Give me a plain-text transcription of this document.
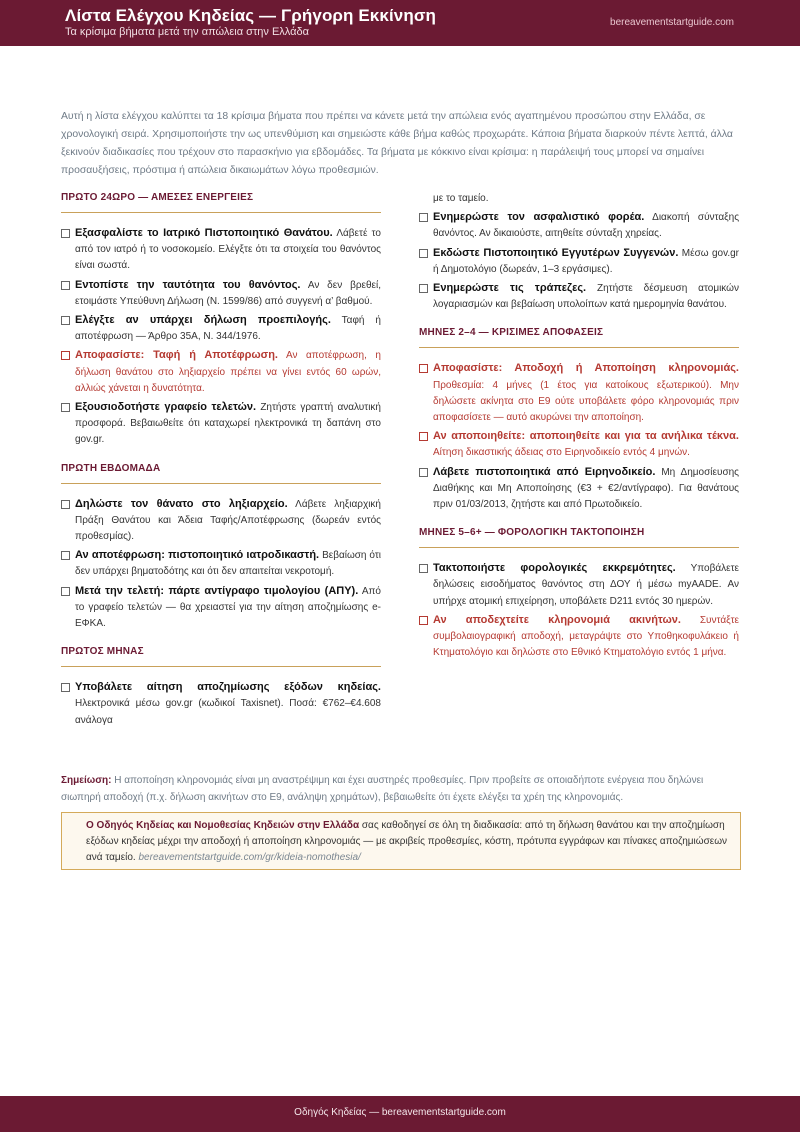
Λίστα Ελέγχου Κηδείας — Γρήγορη Εκκίνηση
Τα κρίσιμα βήματα μετά την απώλεια στην Ελλάδα
bereavementstartguide.com
Αυτή η λίστα ελέγχου καλύπτει τα 18 κρίσιμα βήματα που πρέπει να κάνετε μετά την απώλεια ενός αγαπημένου προσώπου στην Ελλάδα, σε χρονολογική σειρά. Χρησιμοποιήστε την ως υπενθύμιση και σημειώστε κάθε βήμα καθώς προχωράτε. Κάποια βήματα διαρκούν πέντε λεπτά, άλλα ξεκινούν διαδικασίες που τρέχουν στο παρασκήνιο για εβδομάδες. Τα βήματα με κόκκινο είναι κρίσιμα: η παράλειψή τους μπορεί να σημαίνει προσαυξήσεις, πρόστιμα ή απώλεια δικαιωμάτων λόγω προθεσμιών.
ΠΡΩΤΟ 24ΩΡΟ — ΑΜΕΣΕΣ ΕΝΕΡΓΕΙΕΣ
Εξασφαλίστε το Ιατρικό Πιστοποιητικό Θανάτου. Λάβετέ το από τον ιατρό ή το νοσοκομείο. Ελέγξτε ότι τα στοιχεία του θανόντος είναι σωστά.
Εντοπίστε την ταυτότητα του θανόντος. Αν δεν βρεθεί, ετοιμάστε Υπεύθυνη Δήλωση (Ν. 1599/86) από συγγενή α’ βαθμού.
Ελέγξτε αν υπάρχει δήλωση προεπιλογής. Ταφή ή αποτέφρωση — Άρθρο 35Α, Ν. 344/1976.
Αποφασίστε: Ταφή ή Αποτέφρωση. Αν αποτέφρωση, η δήλωση θανάτου στο ληξιαρχείο πρέπει να γίνει εντός 60 ωρών, αλλιώς χάνεται η δυνατότητα.
Εξουσιοδοτήστε γραφείο τελετών. Ζητήστε γραπτή αναλυτική προσφορά. Βεβαιωθείτε ότι καταχωρεί ηλεκτρονικά τη δαπάνη στο gov.gr.
ΠΡΩΤΗ ΕΒΔΟΜΑΔΑ
Δηλώστε τον θάνατο στο ληξιαρχείο. Λάβετε ληξιαρχική Πράξη Θανάτου και Άδεια Ταφής/Αποτέφρωσης (δωρεάν εντός προθεσμίας).
Αν αποτέφρωση: πιστοποιητικό ιατροδικαστή. Βεβαίωση ότι δεν υπάρχει βηματοδότης και ότι δεν απαιτείται νεκροτομή.
Μετά την τελετή: πάρτε αντίγραφο τιμολογίου (ΑΠΥ). Από το γραφείο τελετών — θα χρειαστεί για την αίτηση αποζημίωσης e-ΕΦΚΑ.
ΠΡΩΤΟΣ ΜΗΝΑΣ
Υποβάλετε αίτηση αποζημίωσης εξόδων κηδείας. Ηλεκτρονικά μέσω gov.gr (κωδικοί Taxisnet). Ποσά: €762–€4.608 ανάλογα
με το ταμείο.
Ενημερώστε τον ασφαλιστικό φορέα. Διακοπή σύνταξης θανόντος. Αν δικαιούστε, αιτηθείτε σύνταξη χηρείας.
Εκδώστε Πιστοποιητικό Εγγυτέρων Συγγενών. Μέσω gov.gr ή Δημοτολόγιο (δωρεάν, 1–3 εργάσιμες).
Ενημερώστε τις τράπεζες. Ζητήστε δέσμευση ατομικών λογαριασμών και βεβαίωση υπολοίπων κατά ημερομηνία θανάτου.
ΜΗΝΕΣ 2–4 — ΚΡΙΣΙΜΕΣ ΑΠΟΦΑΣΕΙΣ
Αποφασίστε: Αποδοχή ή Αποποίηση κληρονομιάς. Προθεσμία: 4 μήνες (1 έτος για κατοίκους εξωτερικού). Μην δηλώσετε ακίνητα στο Ε9 ούτε υποβάλετε φόρο κληρονομιάς πριν αποφασίσετε — αυτό ακυρώνει την αποποίηση.
Αν αποποιηθείτε: αποποιηθείτε και για τα ανήλικα τέκνα. Αίτηση δικαστικής άδειας στο Ειρηνοδικείο εντός 4 μηνών.
Λάβετε πιστοποιητικά από Ειρηνοδικείο. Μη Δημοσίευσης Διαθήκης και Μη Αποποίησης (€3 + €2/αντίγραφο). Για θανάτους πριν 01/03/2013, ζητήστε και από Πρωτοδικείο.
ΜΗΝΕΣ 5–6+ — ΦΟΡΟΛΟΓΙΚΗ ΤΑΚΤΟΠΟΙΗΣΗ
Τακτοποιήστε φορολογικές εκκρεμότητες. Υποβάλετε δηλώσεις εισοδήματος θανόντος στη ΔΟΥ ή μέσω myAADE. Αν υπήρχε ατομική επιχείρηση, υποβάλετε D211 εντός 30 ημερών.
Αν αποδεχτείτε κληρονομιά ακινήτων. Συντάξτε συμβολαιογραφική αποδοχή, μεταγράψτε στο Υποθηκοφυλάκειο ή Κτηματολόγιο και δηλώστε στο Εθνικό Κτηματολόγιο εντός 1 μήνα.
Σημείωση: Η αποποίηση κληρονομιάς είναι μη αναστρέψιμη και έχει αυστηρές προθεσμίες. Πριν προβείτε σε οποιαδήποτε ενέργεια που δηλώνει σιωπηρή αποδοχή (π.χ. δήλωση ακινήτων στο Ε9, ανάληψη χρημάτων), βεβαιωθείτε ότι έχετε ελέγξει τα χρέη της κληρονομιάς.
Ο Οδηγός Κηδείας και Νομοθεσίας Κηδειών στην Ελλάδα σας καθοδηγεί σε όλη τη διαδικασία: από τη δήλωση θανάτου και την αποζημίωση εξόδων κηδείας μέχρι την αποδοχή ή αποποίηση κληρονομιάς — με ακριβείς προθεσμίες, κόστη, πρότυπα εγγράφων και πίνακες αποζημιώσεων ανά ταμείο. bereavementstartguide.com/gr/kideia-nomothesia/
Οδηγός Κηδείας — bereavementstartguide.com
